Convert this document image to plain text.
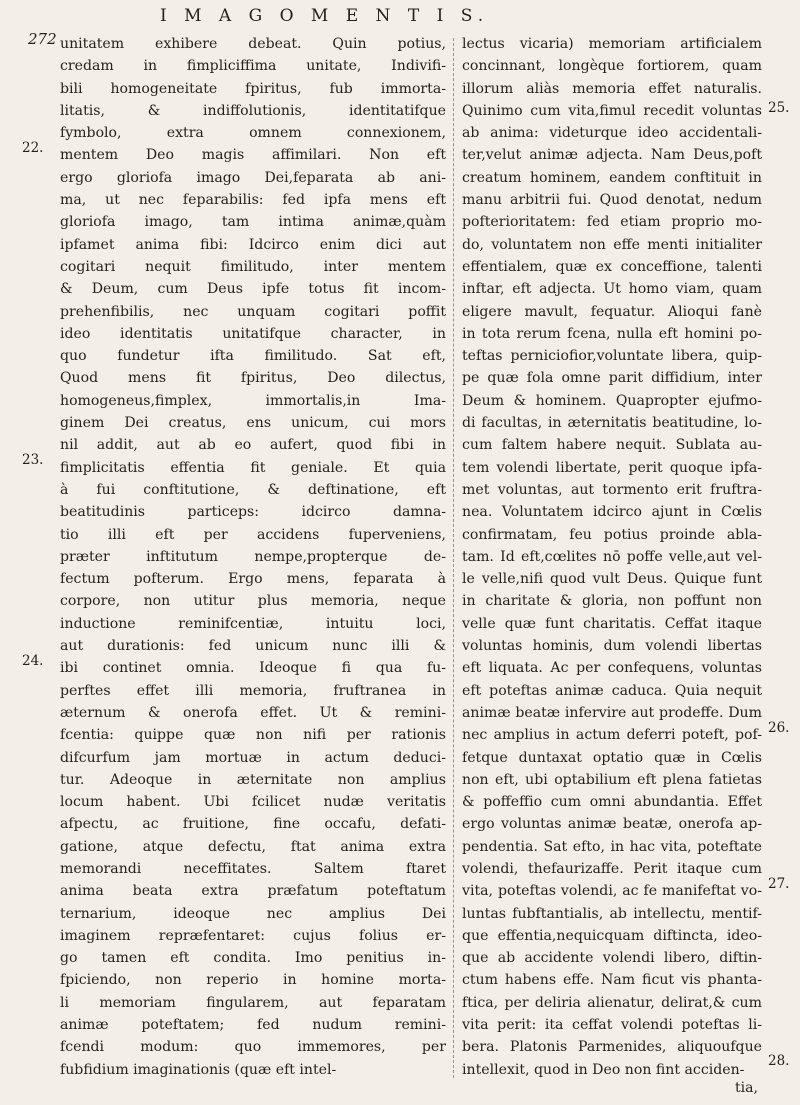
272
I M A G O M E N T I S.
unitatem exhibere debeat. Quin potius,
credam in fimpliciffima unitate, Indivifi-
bili homogeneitate fpiritus, fub immorta-
litatis, & indiffolutionis, identitatifque
fymbolo, extra omnem connexionem,
mentem Deo magis affimilari. Non eft
ergo gloriofa imago Dei,feparata ab ani-
ma, ut nec feparabilis: fed ipfa mens eft
gloriofa imago, tam intima animæ,quàm
ipfamet anima fibi: Idcirco enim dici aut
cogitari nequit fimilitudo, inter mentem
& Deum, cum Deus ipfe totus fit incom-
prehenfibilis, nec unquam cogitari poffit
ideo identitatis unitatifque character, in
quo fundetur ifta fimilitudo. Sat eft,
Quod mens fit fpiritus, Deo dilectus,
homogeneus,fimplex, immortalis,in Ima-
ginem Dei creatus, ens unicum, cui mors
nil addit, aut ab eo aufert, quod fibi in
fimplicitatis effentia fit geniale. Et quia
à fui conftitutione, & deftinatione, eft
beatitudinis particeps: idcirco damna-
tio illi eft per accidens fuperveniens,
præter inftitutum nempe,propterque de-
fectum pofterum. Ergo mens, feparata à
corpore, non utitur plus memoria, neque
inductione reminifcentiæ, intuitu loci,
aut durationis: fed unicum nunc illi &
ibi continet omnia. Ideoque fi qua fu-
perftes effet illi memoria, fruftranea in
æternum & onerofa effet. Ut & remini-
fcentia: quippe quæ non nifi per rationis
difcurfum jam mortuæ in actum deduci-
tur. Adeoque in æternitate non amplius
locum habent. Ubi fcilicet nudæ veritatis
afpectu, ac fruitione, fine occafu, defati-
gatione, atque defectu, ftat anima extra
memorandi neceffitates. Saltem ftaret
anima beata extra præfatum poteftatum
ternarium, ideoque nec amplius Dei
imaginem repræfentaret: cujus folius er-
go tamen eft condita. Imo penitius in-
fpiciendo, non reperio in homine morta-
li memoriam fingularem, aut feparatam
animæ poteftatem; fed nudum remini-
fcendi modum: quo immemores, per
fubfidium imaginationis (quæ eft intel-
lectus vicaria) memoriam artificialem
concinnant, longèque fortiorem, quam
illorum aliàs memoria effet naturalis.
Quinimo cum vita,fimul recedit voluntas
ab anima: videturque ideo accidentali-
ter,velut animæ adjecta. Nam Deus,poft
creatum hominem, eandem conftituit in
manu arbitrii fui. Quod denotat, nedum
pofterioritatem: fed etiam proprio mo-
do, voluntatem non effe menti initialiter
effentialem, quæ ex conceffione, talenti
inftar, eft adjecta. Ut homo viam, quam
eligere mavult, fequatur. Alioqui fanè
in tota rerum fcena, nulla eft homini po-
teftas perniciofior,voluntate libera, quip-
pe quæ fola omne parit diffidium, inter
Deum & hominem. Quapropter ejufmo-
di facultas, in æternitatis beatitudine, lo-
cum faltem habere nequit. Sublata au-
tem volendi libertate, perit quoque ipfa-
met voluntas, aut tormento erit fruftra-
nea. Voluntatem idcirco ajunt in Cœlis
confirmatam, feu potius proinde abla-
tam. Id eft,cœlites nō poffe velle,aut vel-
le velle,nifi quod vult Deus. Quique funt
in charitate & gloria, non poffunt non
velle quæ funt charitatis. Ceffat itaque
voluntas hominis, dum volendi libertas
eft liquata. Ac per confequens, voluntas
eft poteftas animæ caduca. Quia nequit
animæ beatæ infervire aut prodeffe. Dum
nec amplius in actum deferri poteft, pof-
fetque duntaxat optatio quæ in Cœlis
non eft, ubi optabilium eft plena fatietas
& poffeffio cum omni abundantia. Effet
ergo voluntas animæ beatæ, onerofa ap-
pendentia. Sat efto, in hac vita, poteftate
volendi, thefaurizaffe. Perit itaque cum
vita, poteftas volendi, ac fe manifeftat vo-
luntas fubftantialis, ab intellectu, mentif-
que effentia,nequicquam diftincta, ideo-
que ab accidente volendi libero, diftin-
ctum habens effe. Nam ficut vis phanta-
ftica, per deliria alienatur, delirat,& cum
vita perit: ita ceffat volendi poteftas li-
bera. Platonis Parmenides, aliquoufque
intellexit, quod in Deo non fint acciden-
22.
23.
24.
25.
26.
27.
28.
tia,
